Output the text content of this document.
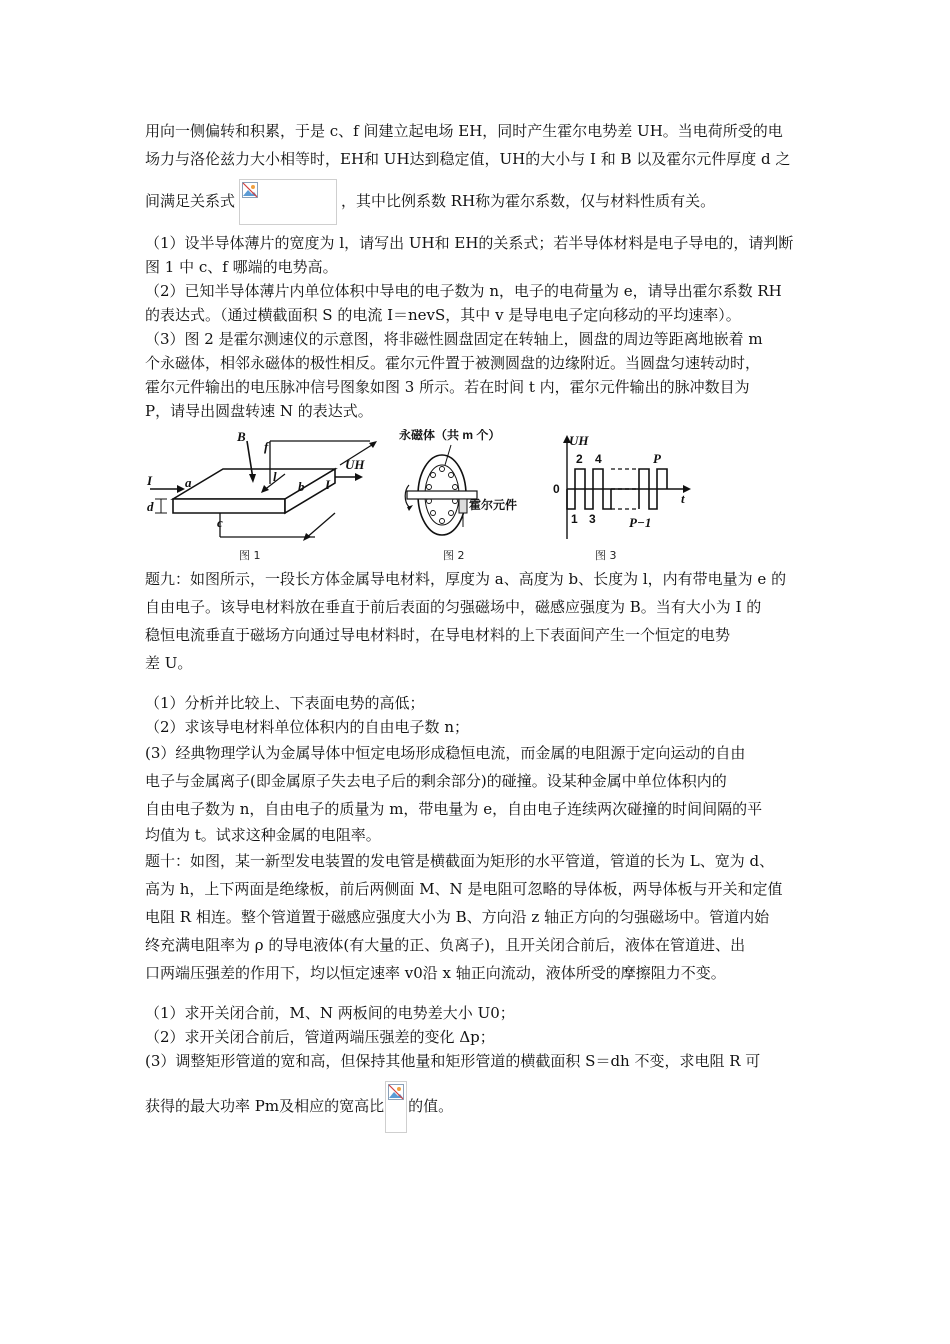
用向一侧偏转和积累，于是 c、f 间建立起电场 EH，同时产生霍尔电势差 UH。当电荷所受的电

场力与洛伦兹力大小相等时，EH和 UH达到稳定值，UH的大小与 I 和 B 以及霍尔元件厚度 d 之

间满足关系式	，其中比例系数 RH称为霍尔系数，仅与材料性质有关。

（1）设半导体薄片的宽度为 l，请写出 UH和 EH的关系式；若半导体材料是电子导电的，请判断

图 1 中 c、f 哪端的电势高。

（2）已知半导体薄片内单位体积中导电的电子数为 n，电子的电荷量为 e，请导出霍尔系数 RH

的表达式。（通过横截面积 S 的电流 I＝nevS，其中 v 是导电电子定向移动的平均速率）。

（3）图 2 是霍尔测速仪的示意图，将非磁性圆盘固定在转轴上，圆盘的周边等距离地嵌着 m

个永磁体，相邻永磁体的极性相反。霍尔元件置于被测圆盘的边缘附近。当圆盘匀速转动时，

霍尔元件输出的电压脉冲信号图象如图 3 所示。若在时间 t 内，霍尔元件输出的脉冲数目为

P，请导出圆盘转速 N 的表达式。

B
f
I	a	l
b I
UH
c
d
图 1
永磁体（共 m 个）
霍尔元件
图 2
UH
0
1
2
3
4	P
P−1
t
图 3

题九：如图所示，一段长方体金属导电材料，厚度为 a、高度为 b、长度为 l，内有带电量为 e 的

自由电子。该导电材料放在垂直于前后表面的匀强磁场中，磁感应强度为 B。当有大小为 I 的

稳恒电流垂直于磁场方向通过导电材料时，在导电材料的上下表面间产生一个恒定的电势

差 U。

（1）分析并比较上、下表面电势的高低；

（2）求该导电材料单位体积内的自由电子数 n；

(3）经典物理学认为金属导体中恒定电场形成稳恒电流，而金属的电阻源于定向运动的自由

电子与金属离子(即金属原子失去电子后的剩余部分)的碰撞。设某种金属中单位体积内的

自由电子数为 n，自由电子的质量为 m，带电量为 e，自由电子连续两次碰撞的时间间隔的平

均值为 t。试求这种金属的电阻率。

题十：如图，某一新型发电装置的发电管是横截面为矩形的水平管道，管道的长为 L、宽为 d、

高为 h，上下两面是绝缘板，前后两侧面 M、N 是电阻可忽略的导体板，两导体板与开关和定值

电阻 R 相连。整个管道置于磁感应强度大小为 B、方向沿 z 轴正方向的匀强磁场中。管道内始

终充满电阻率为 ρ 的导电液体(有大量的正、负离子)，且开关闭合前后，液体在管道进、出

口两端压强差的作用下，均以恒定速率 v0沿 x 轴正向流动，液体所受的摩擦阻力不变。

（1）求开关闭合前，M、N 两板间的电势差大小 U0；

（2）求开关闭合前后，管道两端压强差的变化 Δp；

(3）调整矩形管道的宽和高，但保持其他量和矩形管道的横截面积 S＝dh 不变，求电阻 R 可

获得的最大功率 Pm及相应的宽高比 的值。
